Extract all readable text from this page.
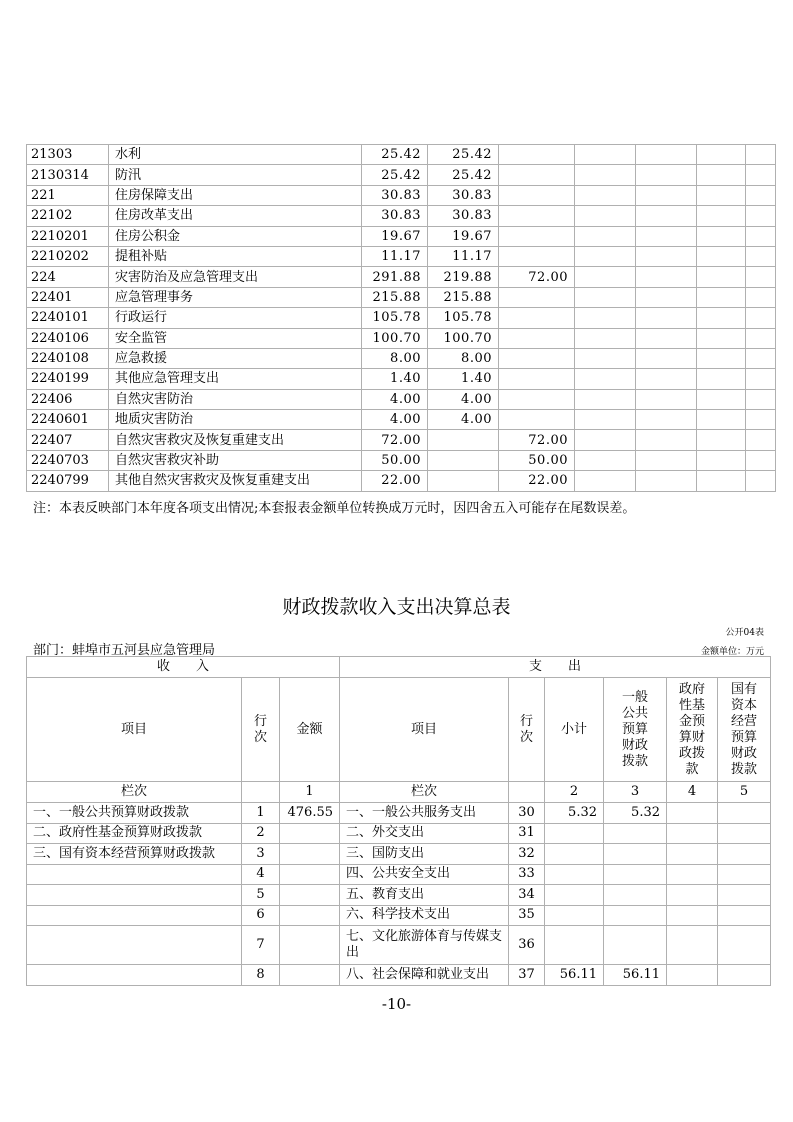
21303	水利	25.42	25.42					
2130314	防汛	25.42	25.42					
221	住房保障支出	30.83	30.83					
22102	住房改革支出	30.83	30.83					
2210201	住房公积金	19.67	19.67					
2210202	提租补贴	11.17	11.17					
224	灾害防治及应急管理支出	291.88	219.88	72.00				
22401	应急管理事务	215.88	215.88					
2240101	行政运行	105.78	105.78					
2240106	安全监管	100.70	100.70					
2240108	应急救援	8.00	8.00					
2240199	其他应急管理支出	1.40	1.40					
22406	自然灾害防治	4.00	4.00					
2240601	地质灾害防治	4.00	4.00					
22407	自然灾害救灾及恢复重建支出	72.00		72.00				
2240703	自然灾害救灾补助	50.00		50.00				
2240799	其他自然灾害救灾及恢复重建支出	22.00		22.00				
注：本表反映部门本年度各项支出情况;本套报表金额单位转换成万元时，因四舍五入可能存在尾数误差。
财政拨款收入支出决算总表
公开04表
部门：蚌埠市五河县应急管理局	金额单位：万元
收　　入			支　　出					
项目	行次	金额	项目	行次	小计	一般公共预算财政拨款	政府性基金预算财政拨款	国有资本经营预算财政拨款
栏次		1	栏次		2	3	4	5
一、一般公共预算财政拨款	1	476.55	一、一般公共服务支出	30	5.32	5.32		
二、政府性基金预算财政拨款	2		二、外交支出	31				
三、国有资本经营预算财政拨款	3		三、国防支出	32				
	4		四、公共安全支出	33				
	5		五、教育支出	34				
	6		六、科学技术支出	35				
	7		七、文化旅游体育与传媒支出	36				
	8		八、社会保障和就业支出	37	56.11	56.11		
-10-
